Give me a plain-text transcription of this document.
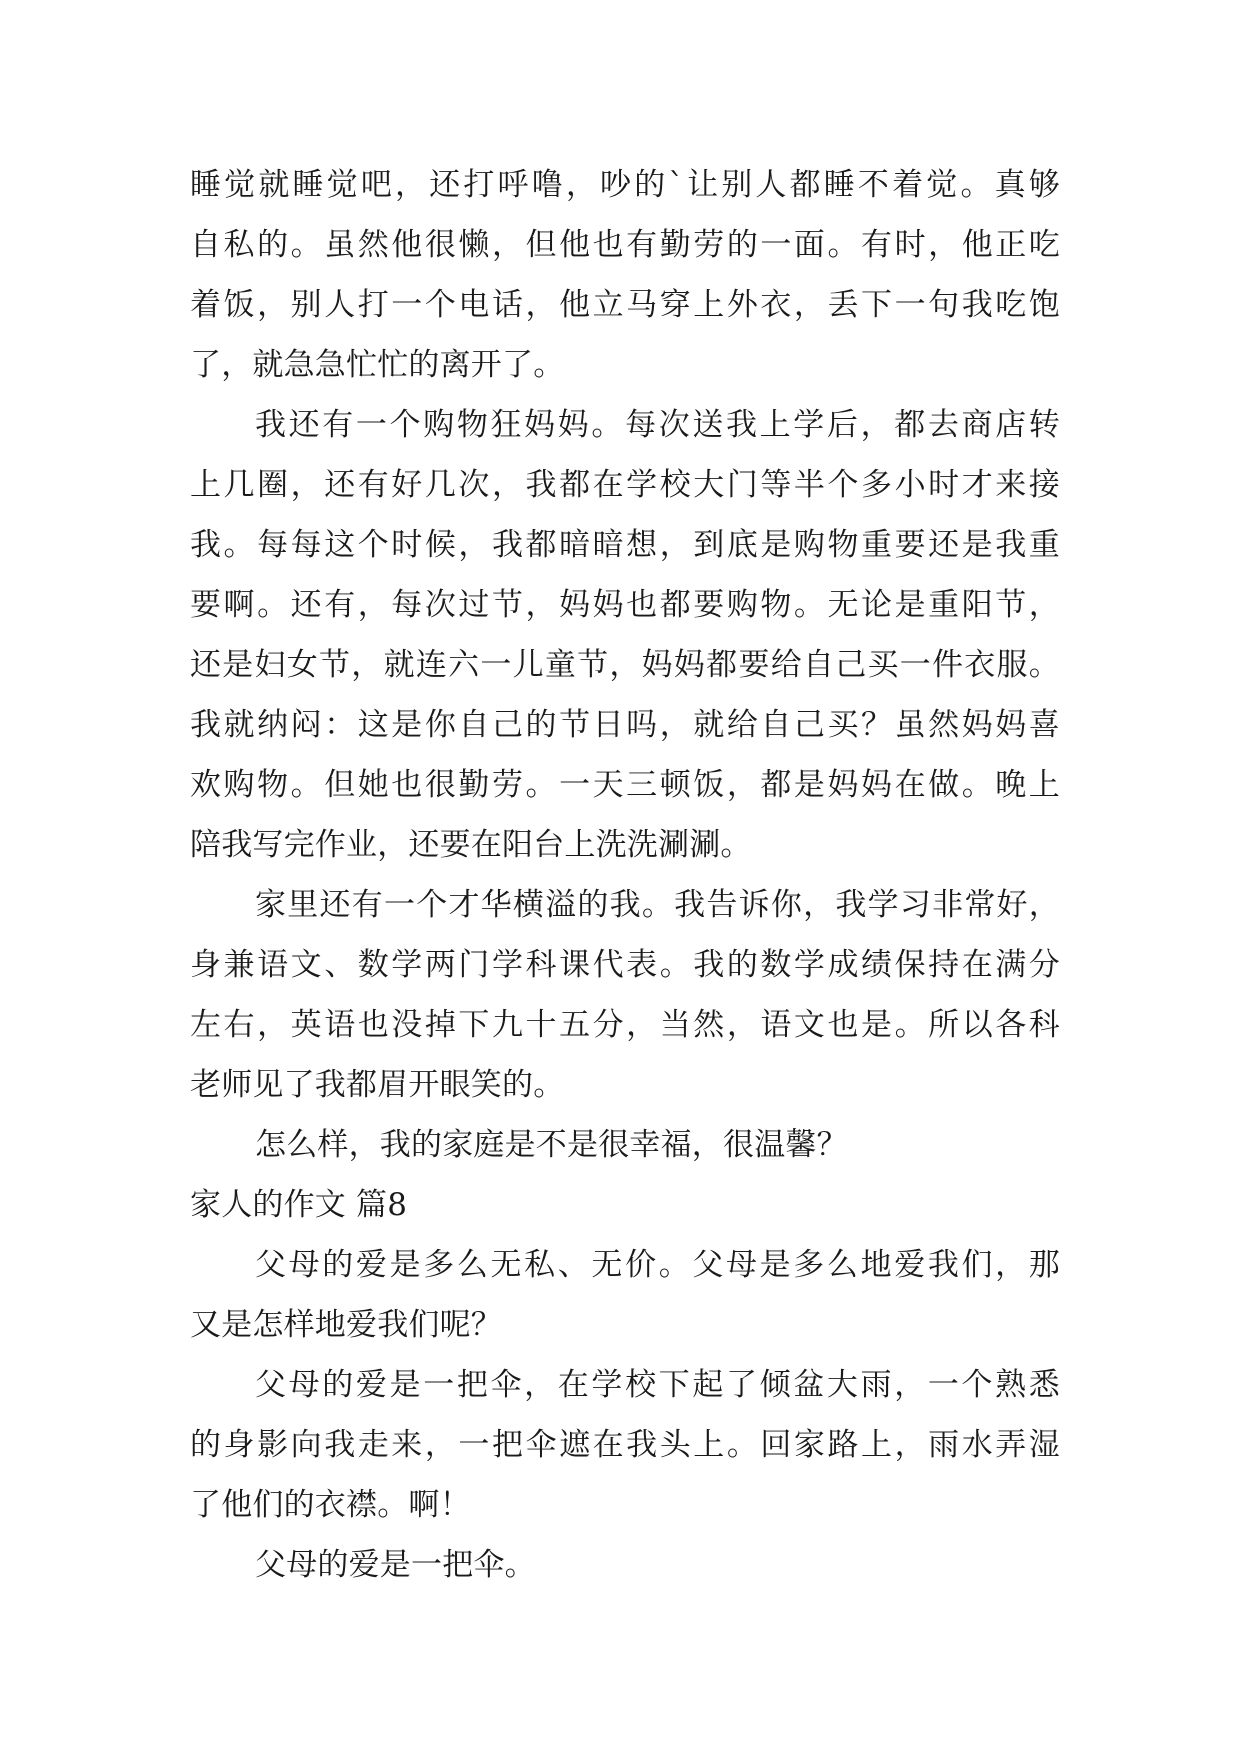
睡觉就睡觉吧，还打呼噜，吵的`让别人都睡不着觉。真够
自私的。虽然他很懒，但他也有勤劳的一面。有时，他正吃
着饭，别人打一个电话，他立马穿上外衣，丢下一句我吃饱
了，就急急忙忙的离开了。
我还有一个购物狂妈妈。每次送我上学后，都去商店转
上几圈，还有好几次，我都在学校大门等半个多小时才来接
我。每每这个时候，我都暗暗想，到底是购物重要还是我重
要啊。还有，每次过节，妈妈也都要购物。无论是重阳节，
还是妇女节，就连六一儿童节，妈妈都要给自己买一件衣服。
我就纳闷：这是你自己的节日吗，就给自己买？虽然妈妈喜
欢购物。但她也很勤劳。一天三顿饭，都是妈妈在做。晚上
陪我写完作业，还要在阳台上洗洗涮涮。
家里还有一个才华横溢的我。我告诉你，我学习非常好，
身兼语文、数学两门学科课代表。我的数学成绩保持在满分
左右，英语也没掉下九十五分，当然，语文也是。所以各科
老师见了我都眉开眼笑的。
怎么样，我的家庭是不是很幸福，很温馨？
家人的作文 篇8
父母的爱是多么无私、无价。父母是多么地爱我们，那
又是怎样地爱我们呢？
父母的爱是一把伞，在学校下起了倾盆大雨，一个熟悉
的身影向我走来，一把伞遮在我头上。回家路上，雨水弄湿
了他们的衣襟。啊！
父母的爱是一把伞。
